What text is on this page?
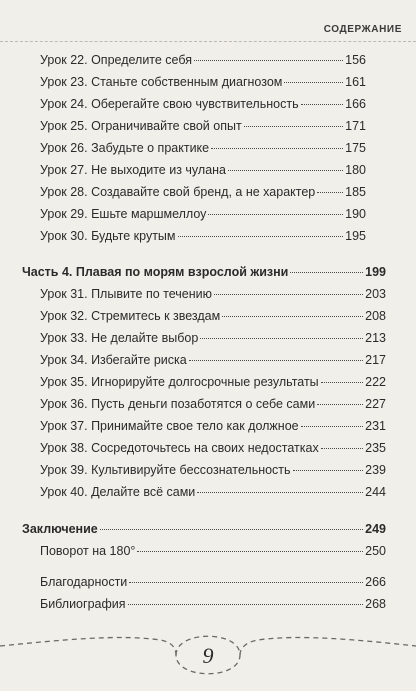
СОДЕРЖАНИЕ
Урок 22. Определите себя	156
Урок 23. Станьте собственным диагнозом	161
Урок 24. Оберегайте свою чувствительность	166
Урок 25. Ограничивайте свой опыт	171
Урок 26. Забудьте о практике	175
Урок 27. Не выходите из чулана	180
Урок 28. Создавайте свой бренд, а не характер 185
Урок 29. Ешьте маршмеллоу	190
Урок 30. Будьте крутым	195
Часть 4. Плавая по морям взрослой жизни	199
Урок 31. Плывите по течению	203
Урок 32. Стремитесь к звездам	208
Урок 33. Не делайте выбор	213
Урок 34. Избегайте риска	217
Урок 35. Игнорируйте долгосрочные результаты	222
Урок 36. Пусть деньги позаботятся о себе сами	227
Урок 37. Принимайте свое тело как должное	231
Урок 38. Сосредоточьтесь на своих недостатках	235
Урок 39. Культивируйте бессознательность	239
Урок 40. Делайте всё сами	244
Заключение	249
Поворот на 180°	250
Благодарности	266
Библиография	268
9
